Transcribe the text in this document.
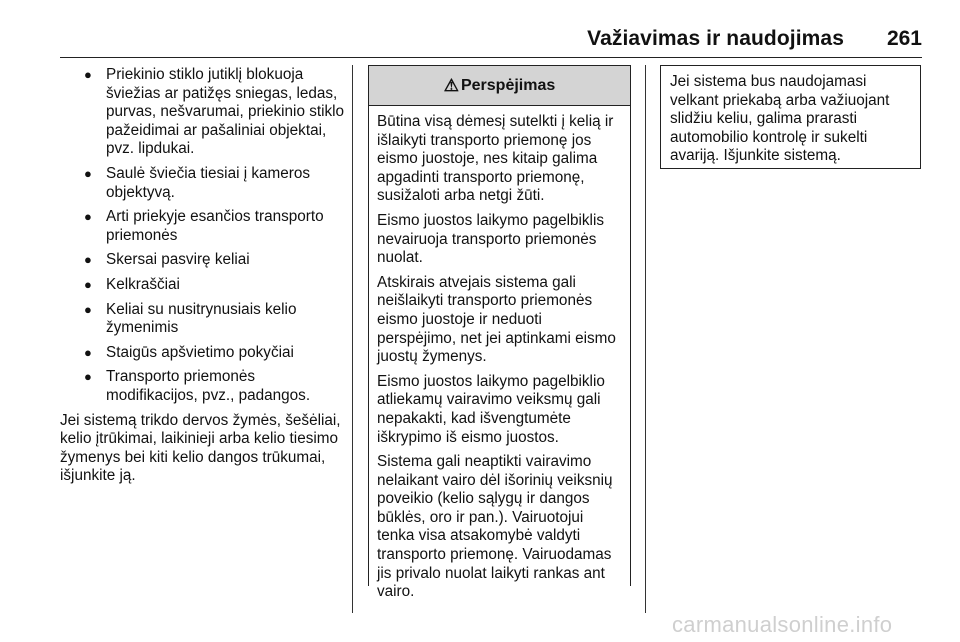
Važiavimas ir naudojimas 261
● Priekinio stiklo jutiklį blokuoja šviežias ar patižęs sniegas, ledas, purvas, nešvarumai, priekinio stiklo pažeidimai ar pašaliniai objektai, pvz. lipdukai.
● Saulė šviečia tiesiai į kameros objektyvą.
● Arti priekyje esančios transporto priemonės
● Skersai pasvirę keliai
● Kelkraščiai
● Keliai su nusitrynusiais kelio žymenimis
● Staigūs apšvietimo pokyčiai
● Transporto priemonės modifikacijos, pvz., padangos.

Jei sistemą trikdo dervos žymės, šešėliai, kelio įtrūkimai, laikinieji arba kelio tiesimo žymenys bei kiti kelio dangos trūkumai, išjunkite ją.

⚠ Perspėjimas

Būtina visą dėmesį sutelkti į kelią ir išlaikyti transporto priemonę jos eismo juostoje, nes kitaip galima apgadinti transporto priemonę, susižaloti arba netgi žūti.

Eismo juostos laikymo pagelbiklis nevairuoja transporto priemonės nuolat.

Atskirais atvejais sistema gali neišlaikyti transporto priemonės eismo juostoje ir neduoti perspėjimo, net jei aptinkami eismo juostų žymenys.

Eismo juostos laikymo pagelbiklio atliekamų vairavimo veiksmų gali nepakakti, kad išvengtumėte iškrypimo iš eismo juostos.

Sistema gali neaptikti vairavimo nelaikant vairo dėl išorinių veiksnių poveikio (kelio sąlygų ir dangos būklės, oro ir pan.). Vairuotojui tenka visa atsakomybė valdyti transporto priemonę. Vairuodamas jis privalo nuolat laikyti rankas ant vairo.

Jei sistema bus naudojamasi velkant priekabą arba važiuojant slidžiu keliu, galima prarasti automobilio kontrolę ir sukelti avariją. Išjunkite sistemą.

carmanualsonline.info
